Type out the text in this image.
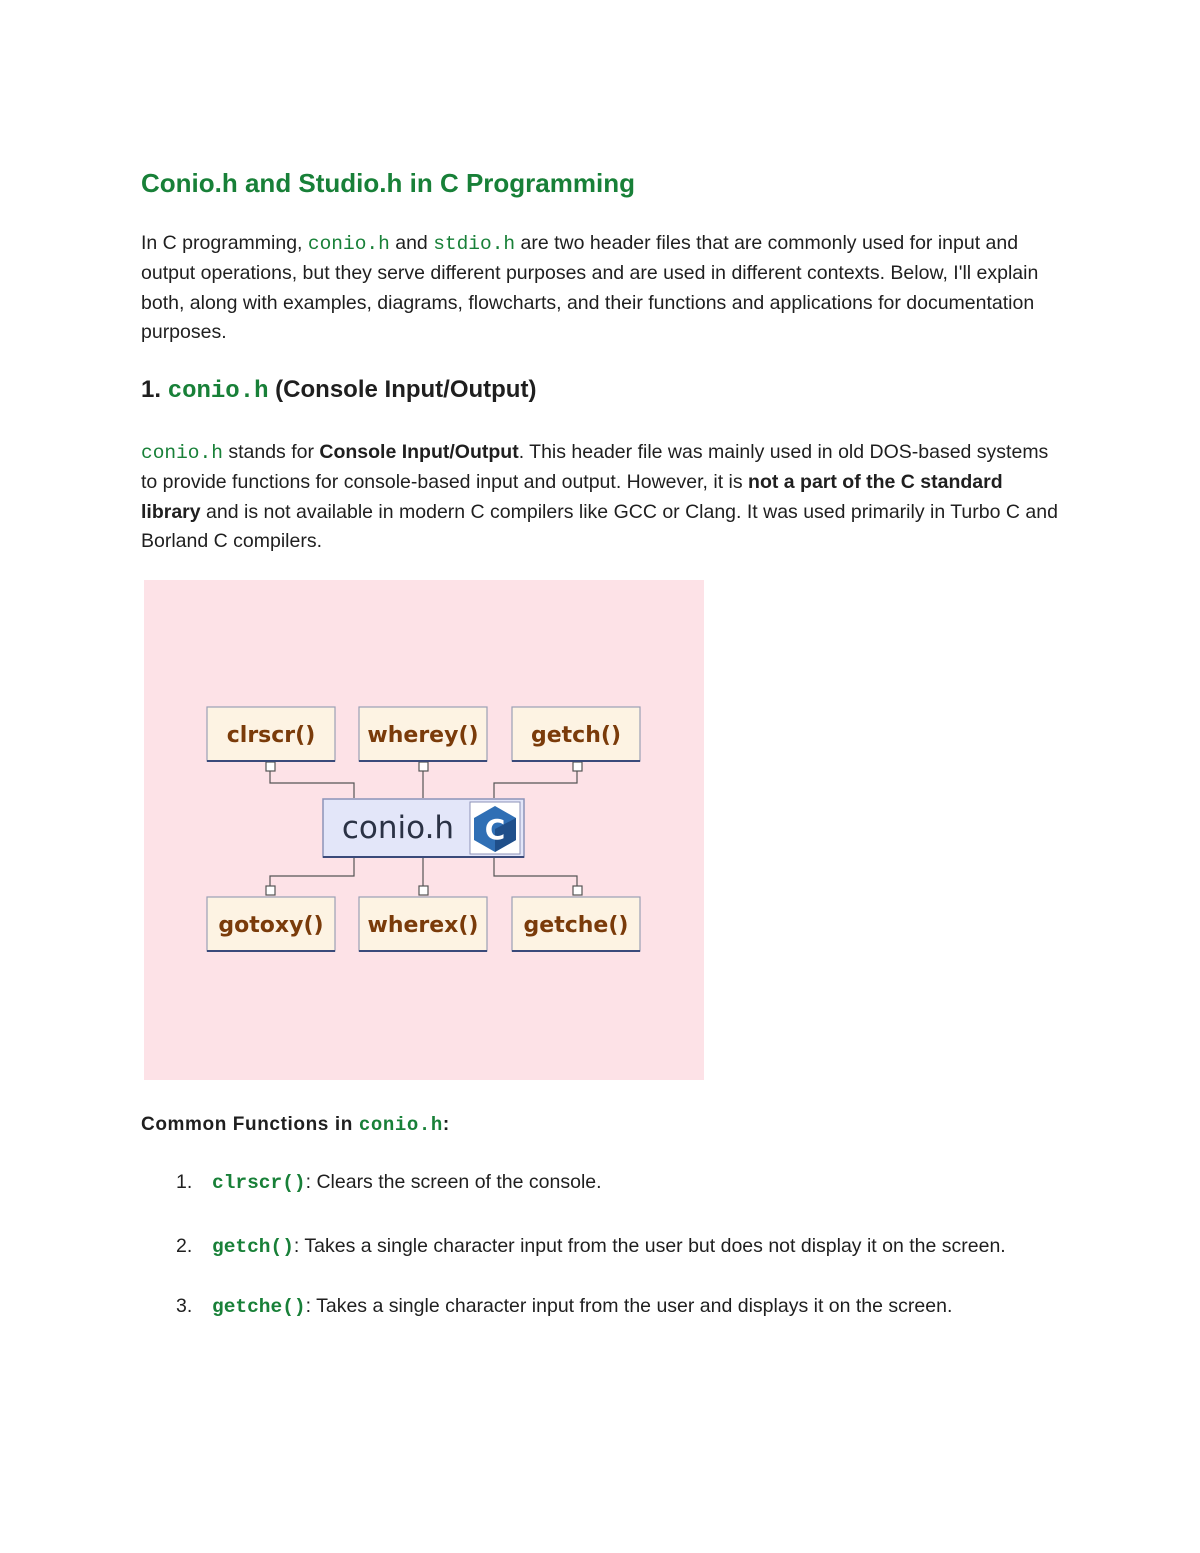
Conio.h and Studio.h in C Programming

In C programming, conio.h and stdio.h are two header files that are commonly used for input and output operations, but they serve different purposes and are used in different contexts. Below, I'll explain both, along with examples, diagrams, flowcharts, and their functions and applications for documentation purposes.

1. conio.h (Console Input/Output)

conio.h stands for Console Input/Output. This header file was mainly used in old DOS-based systems to provide functions for console-based input and output. However, it is not a part of the C standard library and is not available in modern C compilers like GCC or Clang. It was used primarily in Turbo C and Borland C compilers.

clrscr() wherey() getch()
conio.h C
gotoxy() wherex() getche()
Common Functions in conio.h:
1. clrscr(): Clears the screen of the console.
2. getch(): Takes a single character input from the user but does not display it on the screen.
3. getche(): Takes a single character input from the user and displays it on the screen.
